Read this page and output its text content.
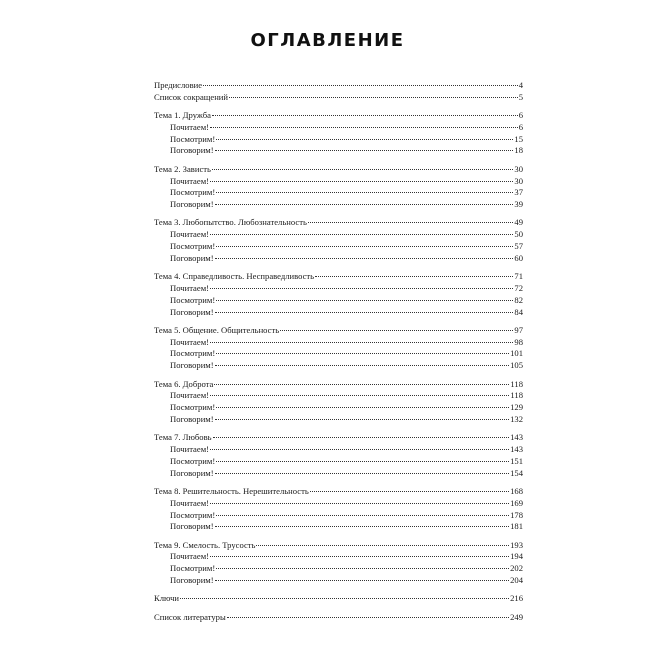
ОГЛАВЛЕНИЕ
Предисловие	4
Список сокращений	5
Тема 1. Дружба	6
Почитаем!	6
Посмотрим!	15
Поговорим!	18
Тема 2. Зависть	30
Почитаем!	30
Посмотрим!	37
Поговорим!	39
Тема 3. Любопытство. Любознательность	49
Почитаем!	50
Посмотрим!	57
Поговорим!	60
Тема 4. Справедливость. Несправедливость	71
Почитаем!	72
Посмотрим!	82
Поговорим!	84
Тема 5. Общение. Общительность	97
Почитаем!	98
Посмотрим!	101
Поговорим!	105
Тема 6. Доброта	118
Почитаем!	118
Посмотрим!	129
Поговорим!	132
Тема 7. Любовь	143
Почитаем!	143
Посмотрим!	151
Поговорим!	154
Тема 8. Решительность. Нерешительность	168
Почитаем!	169
Посмотрим!	178
Поговорим!	181
Тема 9. Смелость. Трусость	193
Почитаем!	194
Посмотрим!	202
Поговорим!	204
Ключи	216
Список литературы	249
